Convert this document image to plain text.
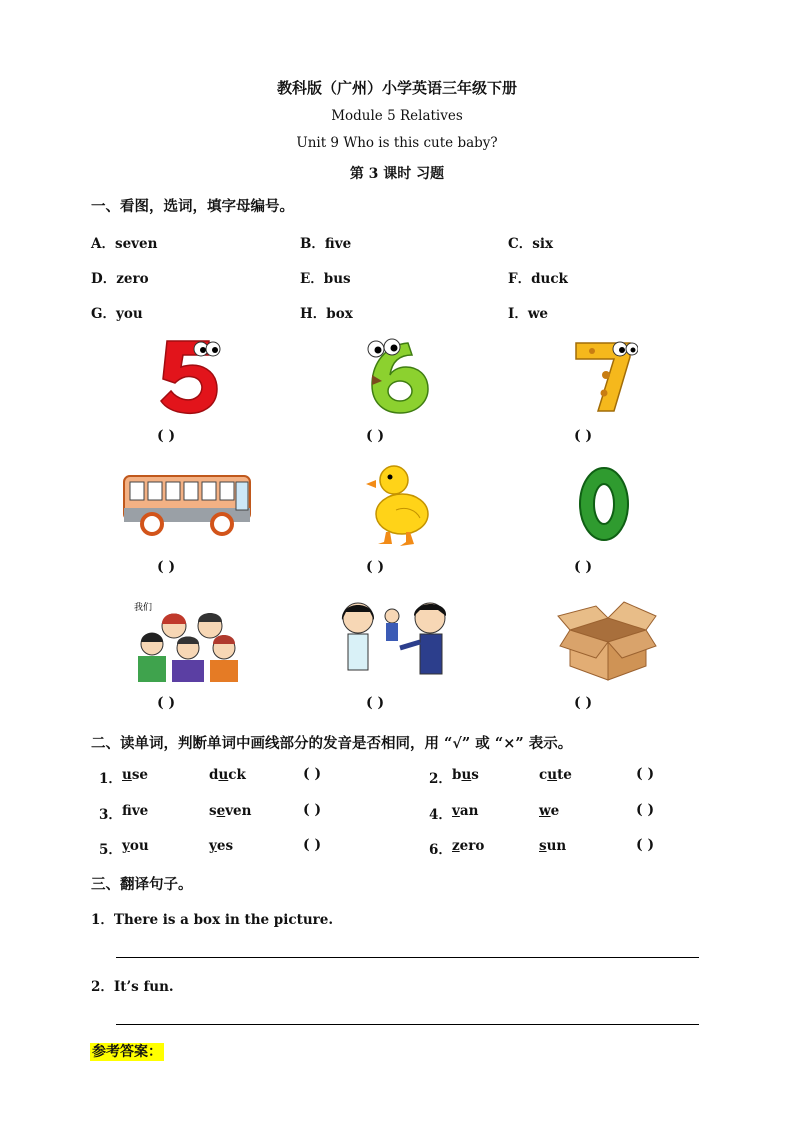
教科版（广州）小学英语三年级下册
Module 5 Relatives
Unit 9 Who is this cute baby?
第 3 课时 习题
一、看图，选词，填字母编号。
A．seven	B．five	C．six
D．zero	E．bus	F．duck
G．you	H．box	I．we
( )	( )	( )
( )	( )	( )
我们
( )	( )	( )
二、读单词，判断单词中画线部分的发音是否相同，用 “√” 或 “×” 表示。
1． use	duck	( )	2． bus	cute	( )
3． fve	seven	( )	4． van	we	( )
5． you	yes	( )	6． zero	sun	( )
三、翻译句子。
1．There is a box in the picture.
2．It’s fun.
参考答案：
